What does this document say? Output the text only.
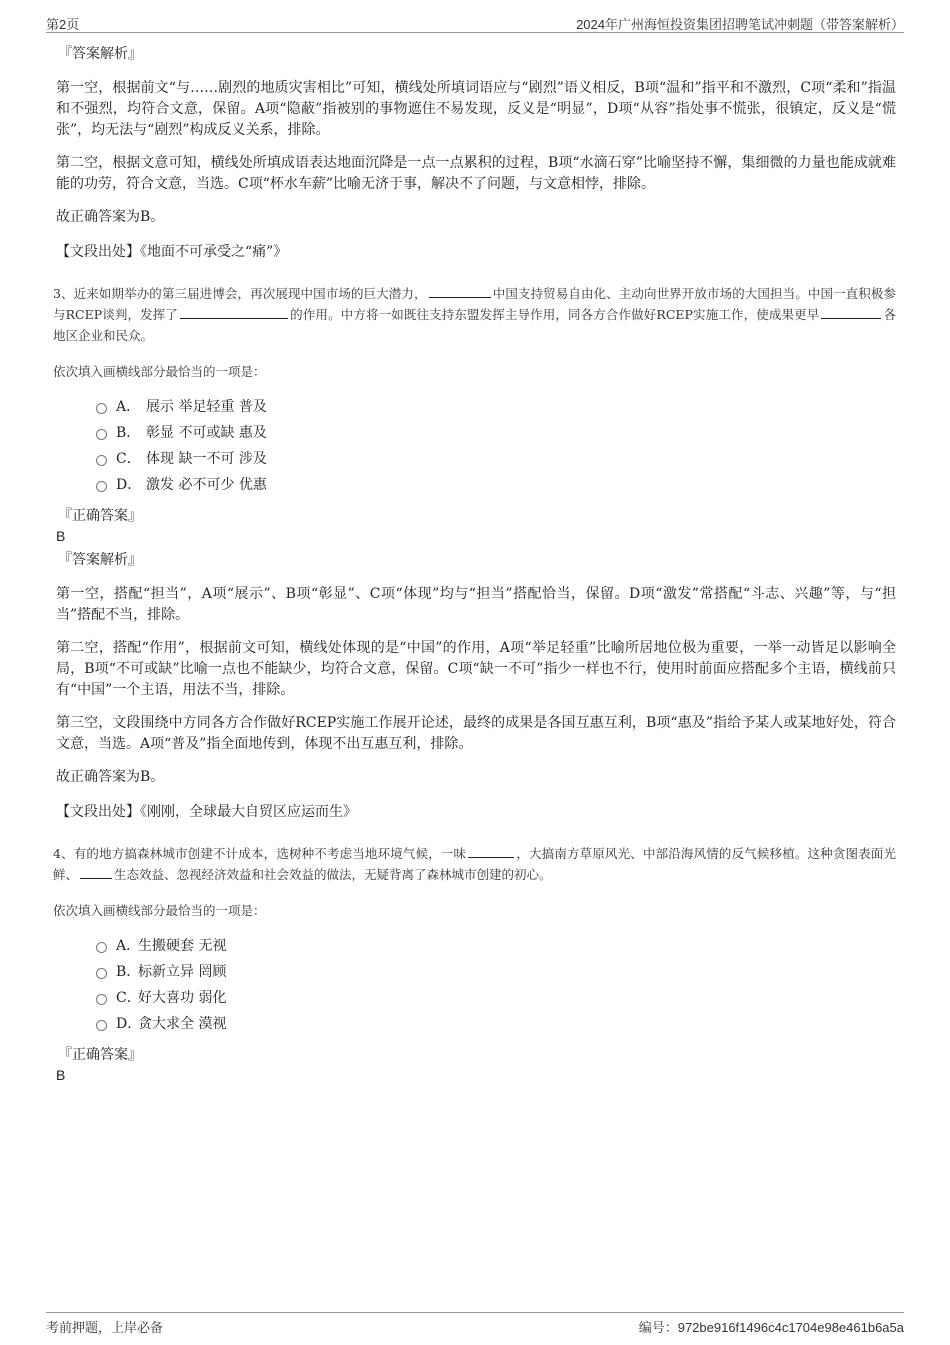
第2页	2024年广州海恒投资集团招聘笔试冲刺题（带答案解析）
『答案解析』

第一空，根据前文“与……剧烈的地质灾害相比”可知，横线处所填词语应与“剧烈”语义相反，B项“温和”指平和不激烈，C项“柔和”指温和不强烈，均符合文意，保留。A项“隐蔽”指被别的事物遮住不易发现，反义是“明显”，D项“从容”指处事不慌张，很镇定，反义是“慌张”，均无法与“剧烈”构成反义关系，排除。

第二空，根据文意可知，横线处所填成语表达地面沉降是一点一点累积的过程，B项“水滴石穿”比喻坚持不懈，集细微的力量也能成就难能的功劳，符合文意，当选。C项“杯水车薪”比喻无济于事，解决不了问题，与文意相悖，排除。

故正确答案为B。

【文段出处】《地面不可承受之“痛”》

3、近来如期举办的第三届进博会，再次展现中国市场的巨大潜力，	中国支持贸易自由化、主动向世界开放市场的大国担当。中国一直积极参与RCEP谈判，发挥了	的作用。中方将一如既往支持东盟发挥主导作用，同各方合作做好RCEP实施工作，使成果更早	各地区企业和民众。

依次填入画横线部分最恰当的一项是：

A． 展示 举足轻重 普及
B． 彰显 不可或缺 惠及
C． 体现 缺一不可 涉及
D． 激发 必不可少 优惠
『正确答案』
B
『答案解析』

第一空，搭配“担当”，A项“展示”、B项“彰显”、C项“体现”均与“担当”搭配恰当，保留。D项“激发”常搭配“斗志、兴趣”等，与“担当”搭配不当，排除。

第二空，搭配“作用”，根据前文可知，横线处体现的是“中国”的作用，A项“举足轻重”比喻所居地位极为重要，一举一动皆足以影响全局，B项“不可或缺”比喻一点也不能缺少，均符合文意，保留。C项“缺一不可”指少一样也不行，使用时前面应搭配多个主语，横线前只有“中国”一个主语，用法不当，排除。

第三空，文段围绕中方同各方合作做好RCEP实施工作展开论述，最终的成果是各国互惠互利，B项“惠及”指给予某人或某地好处，符合文意，当选。A项“普及”指全面地传到，体现不出互惠互利，排除。

故正确答案为B。

【文段出处】《刚刚，全球最大自贸区应运而生》

4、有的地方搞森林城市创建不计成本，选树种不考虑当地环境气候，一味	，大搞南方草原风光、中部沿海风情的反气候移植。这种贪图表面光鲜、	生态效益、忽视经济效益和社会效益的做法，无疑背离了森林城市创建的初心。

依次填入画横线部分最恰当的一项是：

A．生搬硬套 无视
B．标新立异 罔顾
C．好大喜功 弱化
D．贪大求全 漠视
『正确答案』
B
考前押题，上岸必备	编号：972be916f1496c4c1704e98e461b6a5a
